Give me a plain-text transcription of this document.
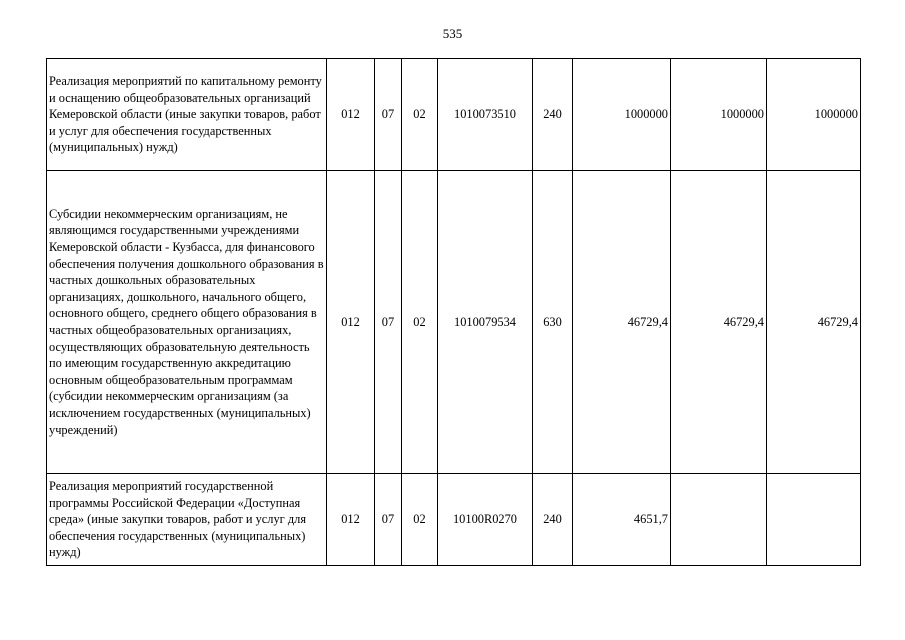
535
Реализация мероприятий по капитальному ремонту и оснащению общеобразовательных организаций Кемеровской области (иные закупки товаров, работ и услуг для обеспечения государственных (муниципальных) нужд)	012	07	02	1010073510	240	1000000	1000000	1000000
Субсидии некоммерческим организациям, не являющимся государственными учреждениями Кемеровской области - Кузбасса, для финансового обеспечения получения дошкольного образования в частных дошкольных образовательных организациях, дошкольного, начального общего, основного общего, среднего общего образования в частных общеобразовательных организациях, осуществляющих образовательную деятельность по имеющим государственную аккредитацию основным общеобразовательным программам (субсидии некоммерческим организациям (за исключением государственных (муниципальных) учреждений)	012	07	02	1010079534	630	46729,4	46729,4	46729,4
Реализация мероприятий государственной программы Российской Федерации «Доступная среда» (иные закупки товаров, работ и услуг для обеспечения государственных (муниципальных) нужд)	012	07	02	10100R0270	240	4651,7		
